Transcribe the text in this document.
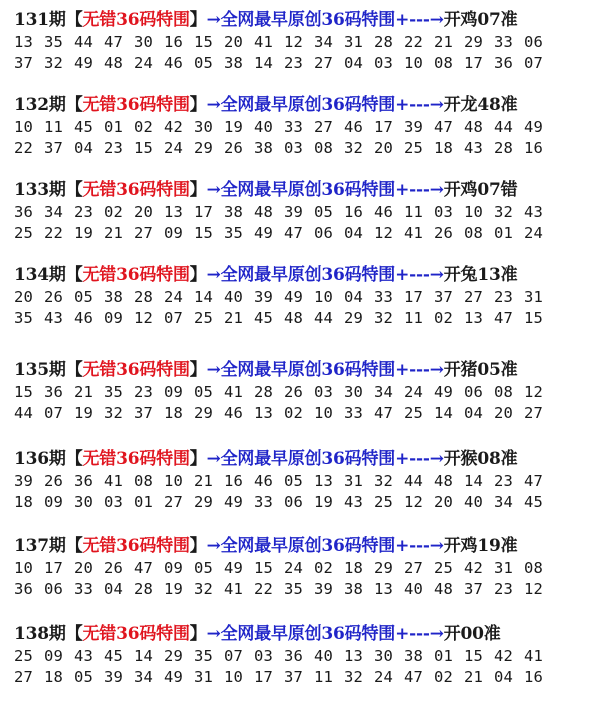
131期【无错36码特围】→全网最早原创36码特围+---→开鸡07准
13 35 44 47 30 16 15 20 41 12 34 31 28 22 21 29 33 06
37 32 49 48 24 46 05 38 14 23 27 04 03 10 08 17 36 07
132期【无错36码特围】→全网最早原创36码特围+---→开龙48准
10 11 45 01 02 42 30 19 40 33 27 46 17 39 47 48 44 49
22 37 04 23 15 24 29 26 38 03 08 32 20 25 18 43 28 16
133期【无错36码特围】→全网最早原创36码特围+---→开鸡07错
36 34 23 02 20 13 17 38 48 39 05 16 46 11 03 10 32 43
25 22 19 21 27 09 15 35 49 47 06 04 12 41 26 08 01 24
134期【无错36码特围】→全网最早原创36码特围+---→开兔13准
20 26 05 38 28 24 14 40 39 49 10 04 33 17 37 27 23 31
35 43 46 09 12 07 25 21 45 48 44 29 32 11 02 13 47 15
135期【无错36码特围】→全网最早原创36码特围+---→开猪05准
15 36 21 35 23 09 05 41 28 26 03 30 34 24 49 06 08 12
44 07 19 32 37 18 29 46 13 02 10 33 47 25 14 04 20 27
136期【无错36码特围】→全网最早原创36码特围+---→开猴08准
39 26 36 41 08 10 21 16 46 05 13 31 32 44 48 14 23 47
18 09 30 03 01 27 29 49 33 06 19 43 25 12 20 40 34 45
137期【无错36码特围】→全网最早原创36码特围+---→开鸡19准
10 17 20 26 47 09 05 49 15 24 02 18 29 27 25 42 31 08
36 06 33 04 28 19 32 41 22 35 39 38 13 40 48 37 23 12
138期【无错36码特围】→全网最早原创36码特围+---→开00准
25 09 43 45 14 29 35 07 03 36 40 13 30 38 01 15 42 41
27 18 05 39 34 49 31 10 17 37 11 32 24 47 02 21 04 16
